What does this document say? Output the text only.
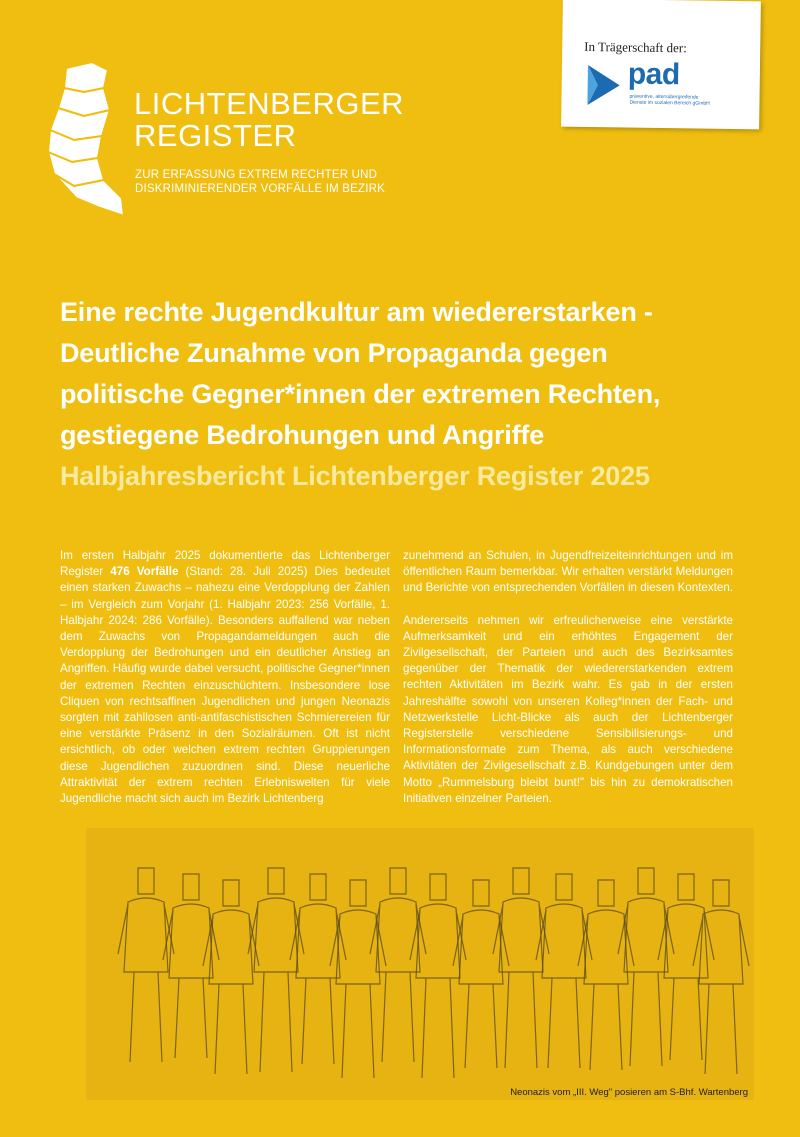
LICHTENBERGER
REGISTER
ZUR ERFASSUNG EXTREM RECHTER UND
DISKRIMINIERENDER VORFÄLLE IM BEZIRK
In Trägerschaft der:
pad
präventive, altersübergreifende
Dienste im sozialen Bereich gGmbH
Eine rechte Jugendkultur am wiedererstarken -
Deutliche Zunahme von Propaganda gegen
politische Gegner*innen der extremen Rechten,
gestiegene Bedrohungen und Angriffe
Halbjahresbericht Lichtenberger Register 2025

Im ersten Halbjahr 2025 dokumentierte das Lichtenberger Register 476 Vorfälle (Stand: 28. Juli 2025) Dies bedeutet einen starken Zuwachs – nahezu eine Verdopplung der Zahlen – im Vergleich zum Vorjahr (1. Halbjahr 2023: 256 Vorfälle, 1. Halbjahr 2024: 286 Vorfälle). Besonders auffallend war neben dem Zuwachs von Propagandameldungen auch die Verdopplung der Bedrohungen und ein deutlicher Anstieg an Angriffen. Häufig wurde dabei versucht, politische Gegner*innen der extremen Rechten einzuschüchtern. Insbesondere lose Cliquen von rechtsaffinen Jugendlichen und jungen Neonazis sorgten mit zahllosen anti-antifaschistischen Schmierereien für eine verstärkte Präsenz in den Sozialräumen. Oft ist nicht ersichtlich, ob oder welchen extrem rechten Gruppierungen diese Jugendlichen zuzuordnen sind. Diese neuerliche Attraktivität der extrem rechten Erlebniswelten für viele Jugendliche macht sich auch im Bezirk Lichtenberg

zunehmend an Schulen, in Jugendfreizeiteinrichtungen und im öffentlichen Raum bemerkbar. Wir erhalten verstärkt Meldungen und Berichte von entsprechenden Vorfällen in diesen Kontexten.

Andererseits nehmen wir erfreulicherweise eine verstärkte Aufmerksamkeit und ein erhöhtes Engagement der Zivilgesellschaft, der Parteien und auch des Bezirksamtes gegenüber der Thematik der wiedererstarkenden extrem rechten Aktivitäten im Bezirk wahr. Es gab in der ersten Jahreshälfte sowohl von unseren Kolleg*innen der Fach- und Netzwerkstelle Licht-Blicke als auch der Lichtenberger Registerstelle verschiedene Sensibilisierungs- und Informationsformate zum Thema, als auch verschiedene Aktivitäten der Zivilgesellschaft z.B. Kundgebungen unter dem Motto „Rummelsburg bleibt bunt!" bis hin zu demokratischen Initiativen einzelner Parteien.

Neonazis vom „III. Weg" posieren am S-Bhf. Wartenberg
